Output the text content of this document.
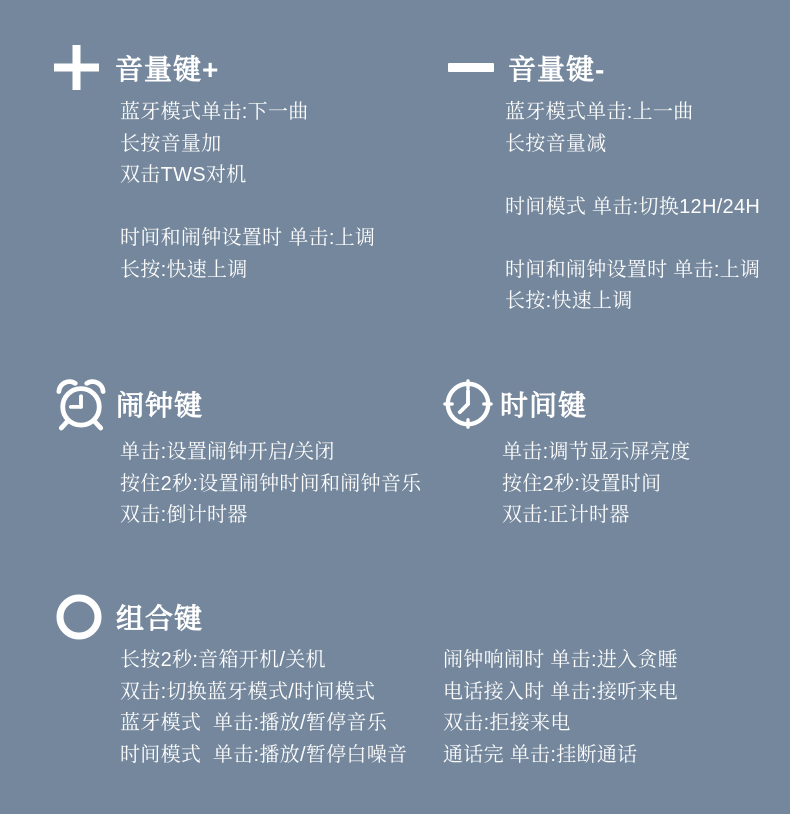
音量键+
蓝牙模式单击:下一曲
长按音量加
双击TWS对机
时间和闹钟设置时 单击:上调
长按:快速上调
音量键-
蓝牙模式单击:上一曲
长按音量减
时间模式 单击:切换12H/24H
时间和闹钟设置时 单击:上调
长按:快速上调
闹钟键
单击:设置闹钟开启/关闭
按住2秒:设置闹钟时间和闹钟音乐
双击:倒计时器
时间键
单击:调节显示屏亮度
按住2秒:设置时间
双击:正计时器
组合键
长按2秒:音箱开机/关机
双击:切换蓝牙模式/时间模式
蓝牙模式  单击:播放/暂停音乐
时间模式  单击:播放/暂停白噪音
闹钟响闹时 单击:进入贪睡
电话接入时 单击:接听来电
双击:拒接来电
通话完 单击:挂断通话
